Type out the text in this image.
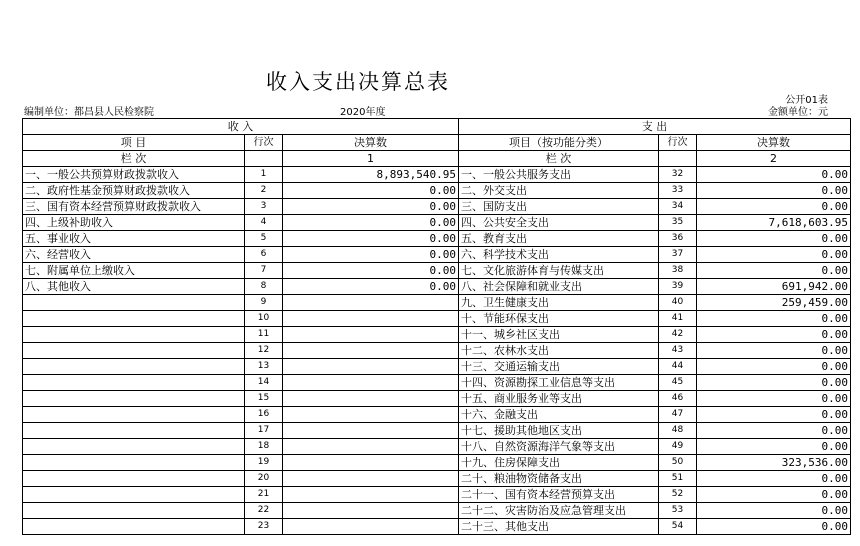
收入支出决算总表
公开01表
编制单位：都昌县人民检察院	2020年度	金额单位：元
收 入			支 出		
项 目	行次	决算数	项目（按功能分类）	行次	决算数
栏 次		1	栏 次		2
一、一般公共预算财政拨款收入	1	8,893,540.95	一、一般公共服务支出	32	0.00
二、政府性基金预算财政拨款收入	2	0.00	二、外交支出	33	0.00
三、国有资本经营预算财政拨款收入	3	0.00	三、国防支出	34	0.00
四、上级补助收入	4	0.00	四、公共安全支出	35	7,618,603.95
五、事业收入	5	0.00	五、教育支出	36	0.00
六、经营收入	6	0.00	六、科学技术支出	37	0.00
七、附属单位上缴收入	7	0.00	七、文化旅游体育与传媒支出	38	0.00
八、其他收入	8	0.00	八、社会保障和就业支出	39	691,942.00
	9		九、卫生健康支出	40	259,459.00
	10		十、节能环保支出	41	0.00
	11		十一、城乡社区支出	42	0.00
	12		十二、农林水支出	43	0.00
	13		十三、交通运输支出	44	0.00
	14		十四、资源勘探工业信息等支出	45	0.00
	15		十五、商业服务业等支出	46	0.00
	16		十六、金融支出	47	0.00
	17		十七、援助其他地区支出	48	0.00
	18		十八、自然资源海洋气象等支出	49	0.00
	19		十九、住房保障支出	50	323,536.00
	20		二十、粮油物资储备支出	51	0.00
	21		二十一、国有资本经营预算支出	52	0.00
	22		二十二、灾害防治及应急管理支出	53	0.00
	23		二十三、其他支出	54	0.00
